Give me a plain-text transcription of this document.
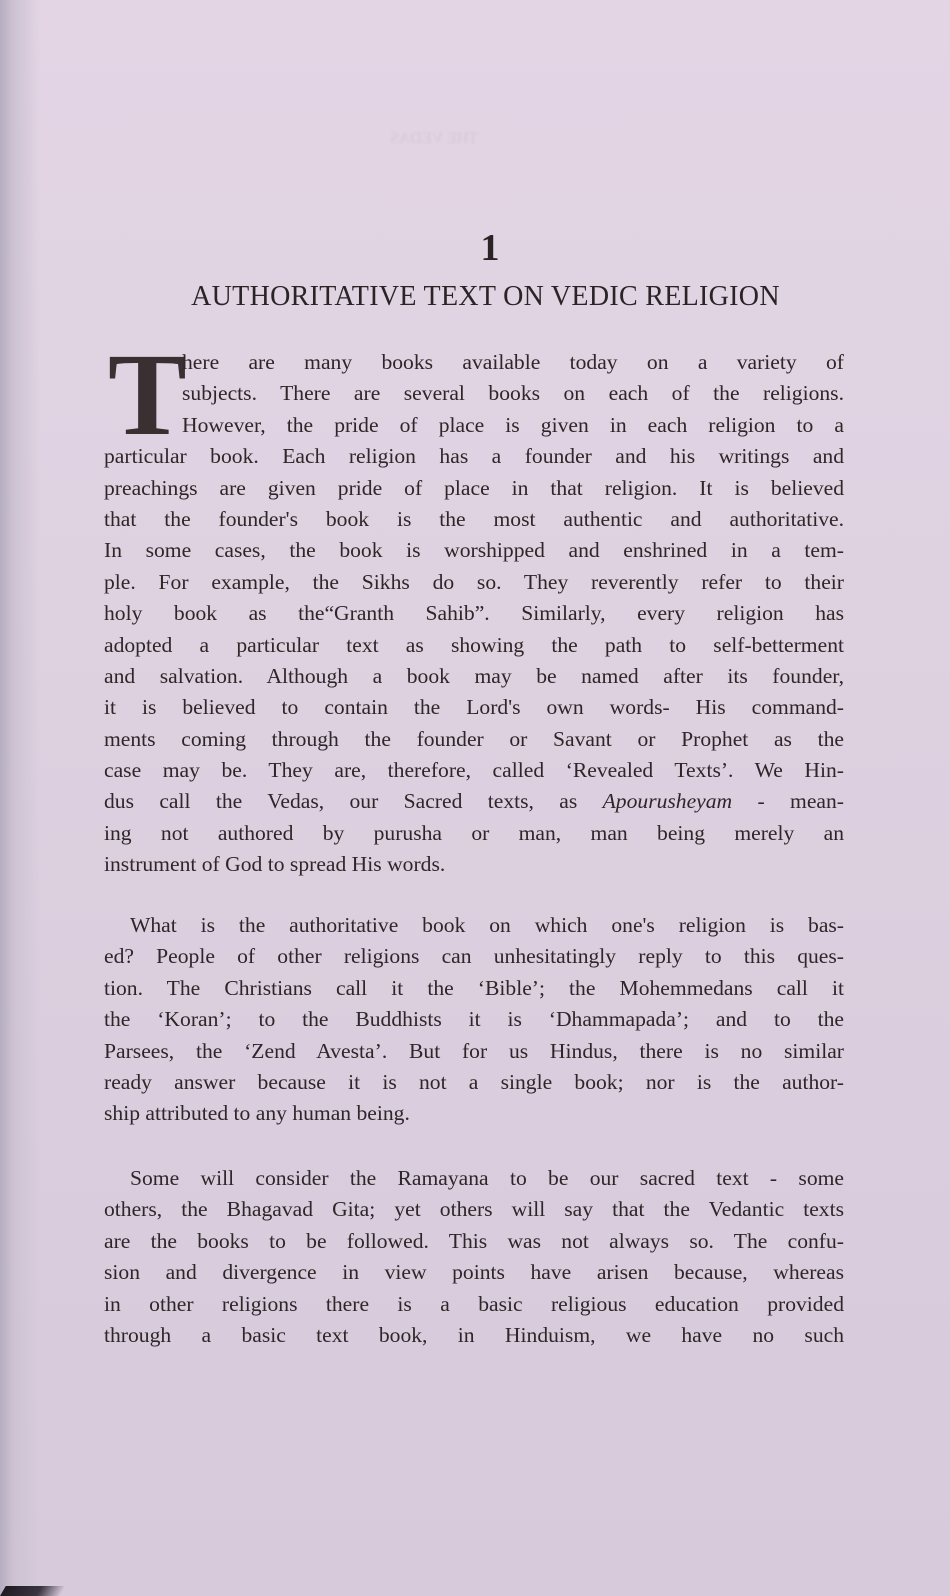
THE VEDAS
1
AUTHORITATIVE TEXT ON VEDIC RELIGION
T
here are many books available today on a variety of
subjects. There are several books on each of the religions.
However, the pride of place is given in each religion to a
particular book. Each religion has a founder and his writings and
preachings are given pride of place in that religion. It is believed
that the founder's book is the most authentic and authoritative.
In some cases, the book is worshipped and enshrined in a tem-
ple. For example, the Sikhs do so. They reverently refer to their
holy book as the“Granth Sahib”. Similarly, every religion has
adopted a particular text as showing the path to self-betterment
and salvation. Although a book may be named after its founder,
it is believed to contain the Lord's own words- His command-
ments coming through the founder or Savant or Prophet as the
case may be. They are, therefore, called ‘Revealed Texts’. We Hin-
dus call the Vedas, our Sacred texts, as Apourusheyam - mean-
ing not authored by purusha or man, man being merely an
instrument of God to spread His words.
What is the authoritative book on which one's religion is bas-
ed? People of other religions can unhesitatingly reply to this ques-
tion. The Christians call it the ‘Bible’; the Mohemmedans call it
the ‘Koran’; to the Buddhists it is ‘Dhammapada’; and to the
Parsees, the ‘Zend Avesta’. But for us Hindus, there is no similar
ready answer because it is not a single book; nor is the author-
ship attributed to any human being.
Some will consider the Ramayana to be our sacred text - some
others, the Bhagavad Gita; yet others will say that the Vedantic texts
are the books to be followed. This was not always so. The confu-
sion and divergence in view points have arisen because, whereas
in other religions there is a basic religious education provided
through a basic text book, in Hinduism, we have no such
